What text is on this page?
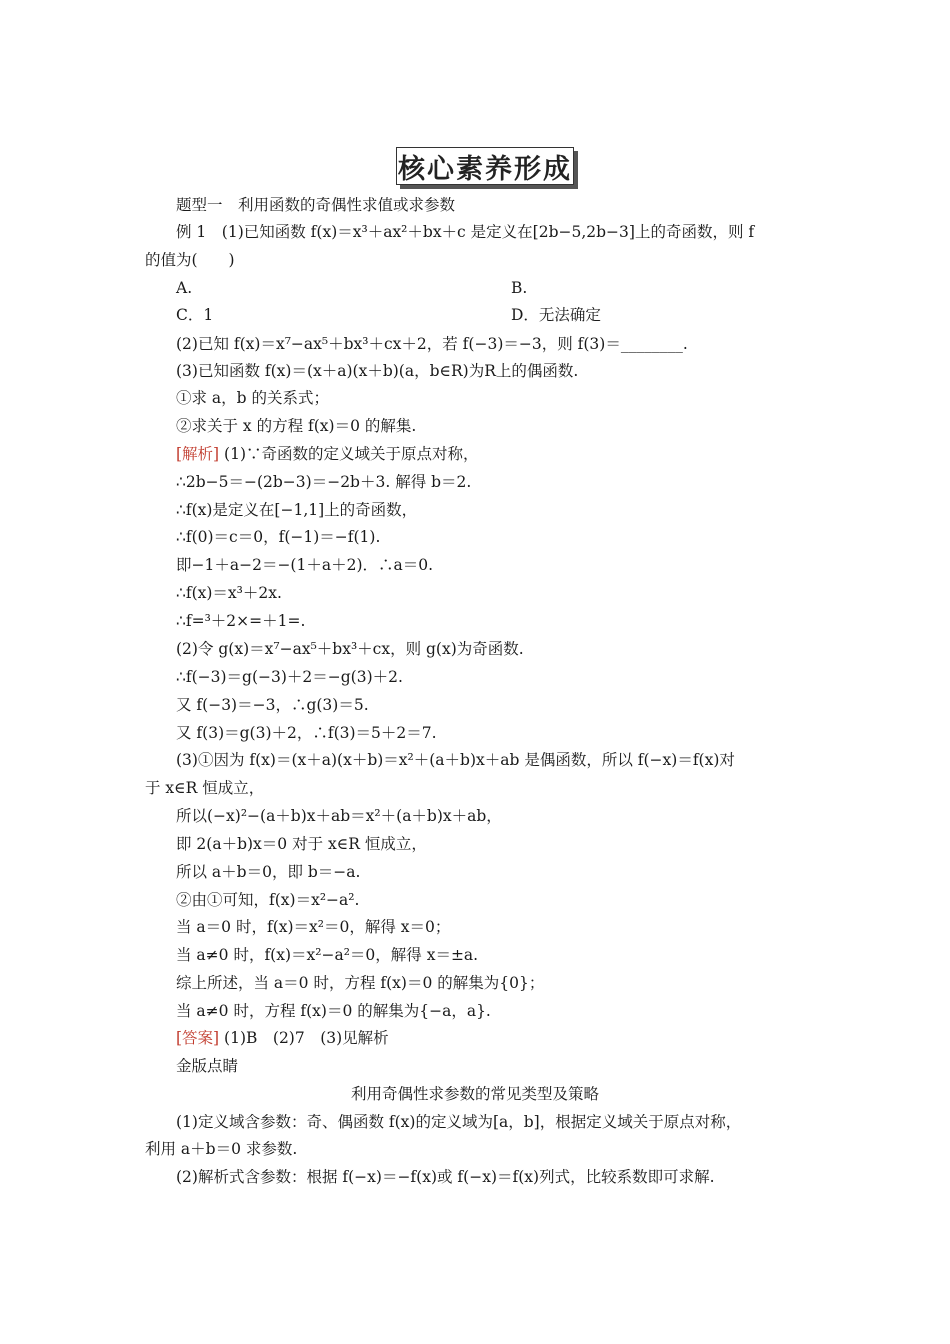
核心素养形成
题型一　利用函数的奇偶性求值或求参数
例 1　(1)已知函数 f(x)＝x³＋ax²＋bx＋c 是定义在[2b−5,2b−3]上的奇函数，则 f
的值为(　　)
A.	B.
C．1	D．无法确定
(2)已知 f(x)＝x⁷−ax⁵＋bx³＋cx＋2，若 f(−3)＝−3，则 f(3)＝________.
(3)已知函数 f(x)＝(x＋a)(x＋b)(a，b∈R)为R上的偶函数.
①求 a，b 的关系式；
②求关于 x 的方程 f(x)＝0 的解集.
[解析] (1)∵奇函数的定义域关于原点对称，
∴2b−5＝−(2b−3)＝−2b＋3. 解得 b＝2.
∴f(x)是定义在[−1,1]上的奇函数，
∴f(0)＝c＝0，f(−1)＝−f(1).
即−1＋a−2＝−(1＋a＋2)．∴a＝0.
∴f(x)＝x³＋2x.
∴f=³＋2×=＋1=.
(2)令 g(x)＝x⁷−ax⁵＋bx³＋cx，则 g(x)为奇函数.
∴f(−3)＝g(−3)＋2＝−g(3)＋2.
又 f(−3)＝−3，∴g(3)＝5.
又 f(3)＝g(3)＋2，∴f(3)＝5＋2＝7.
(3)①因为 f(x)＝(x＋a)(x＋b)＝x²＋(a＋b)x＋ab 是偶函数，所以 f(−x)＝f(x)对
于 x∈R 恒成立，
所以(−x)²−(a＋b)x＋ab＝x²＋(a＋b)x＋ab，
即 2(a＋b)x＝0 对于 x∈R 恒成立，
所以 a＋b＝0，即 b＝−a.
②由①可知，f(x)＝x²−a².
当 a＝0 时，f(x)＝x²＝0，解得 x＝0；
当 a≠0 时，f(x)＝x²−a²＝0，解得 x＝±a.
综上所述，当 a＝0 时，方程 f(x)＝0 的解集为{0}；
当 a≠0 时，方程 f(x)＝0 的解集为{−a，a}.
[答案] (1)B　(2)7　(3)见解析
金版点睛
利用奇偶性求参数的常见类型及策略
(1)定义域含参数：奇、偶函数 f(x)的定义域为[a，b]，根据定义域关于原点对称，
利用 a＋b＝0 求参数.
(2)解析式含参数：根据 f(−x)＝−f(x)或 f(−x)＝f(x)列式，比较系数即可求解.
